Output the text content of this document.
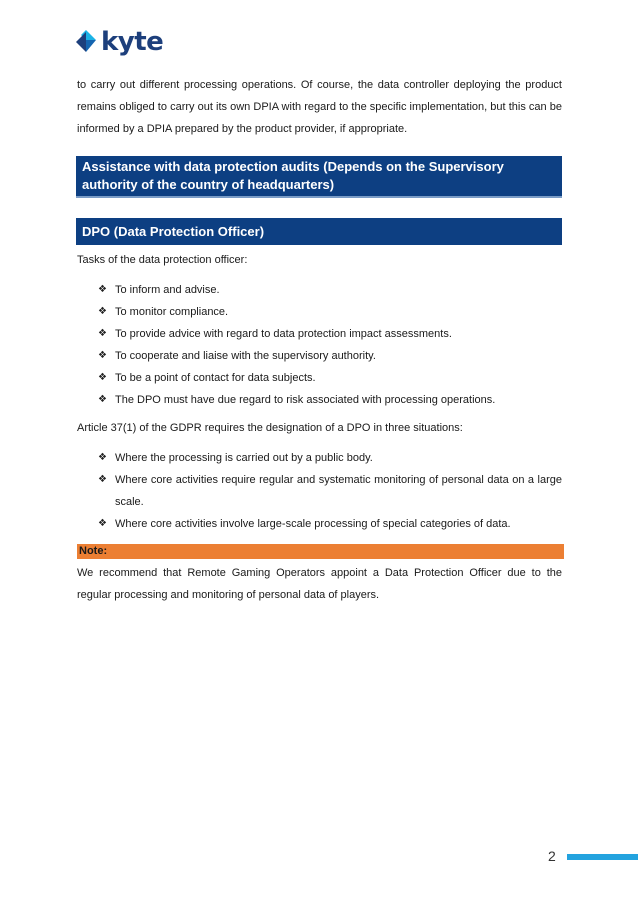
kyte

to carry out different processing operations. Of course, the data controller deploying the product remains obliged to carry out its own DPIA with regard to the specific implementation, but this can be informed by a DPIA prepared by the product provider, if appropriate.

Assistance with data protection audits (Depends on the Supervisory authority of the country of headquarters)
DPO (Data Protection Officer)

Tasks of the data protection officer:

❖ To inform and advise.
❖ To monitor compliance.
❖ To provide advice with regard to data protection impact assessments.
❖ To cooperate and liaise with the supervisory authority.
❖ To be a point of contact for data subjects.
❖ The DPO must have due regard to risk associated with processing operations.

Article 37(1) of the GDPR requires the designation of a DPO in three situations:

❖ Where the processing is carried out by a public body.
❖ Where core activities require regular and systematic monitoring of personal data on a large scale.
❖ Where core activities involve large-scale processing of special categories of data.
Note:

We recommend that Remote Gaming Operators appoint a Data Protection Officer due to the regular processing and monitoring of personal data of players.

2
